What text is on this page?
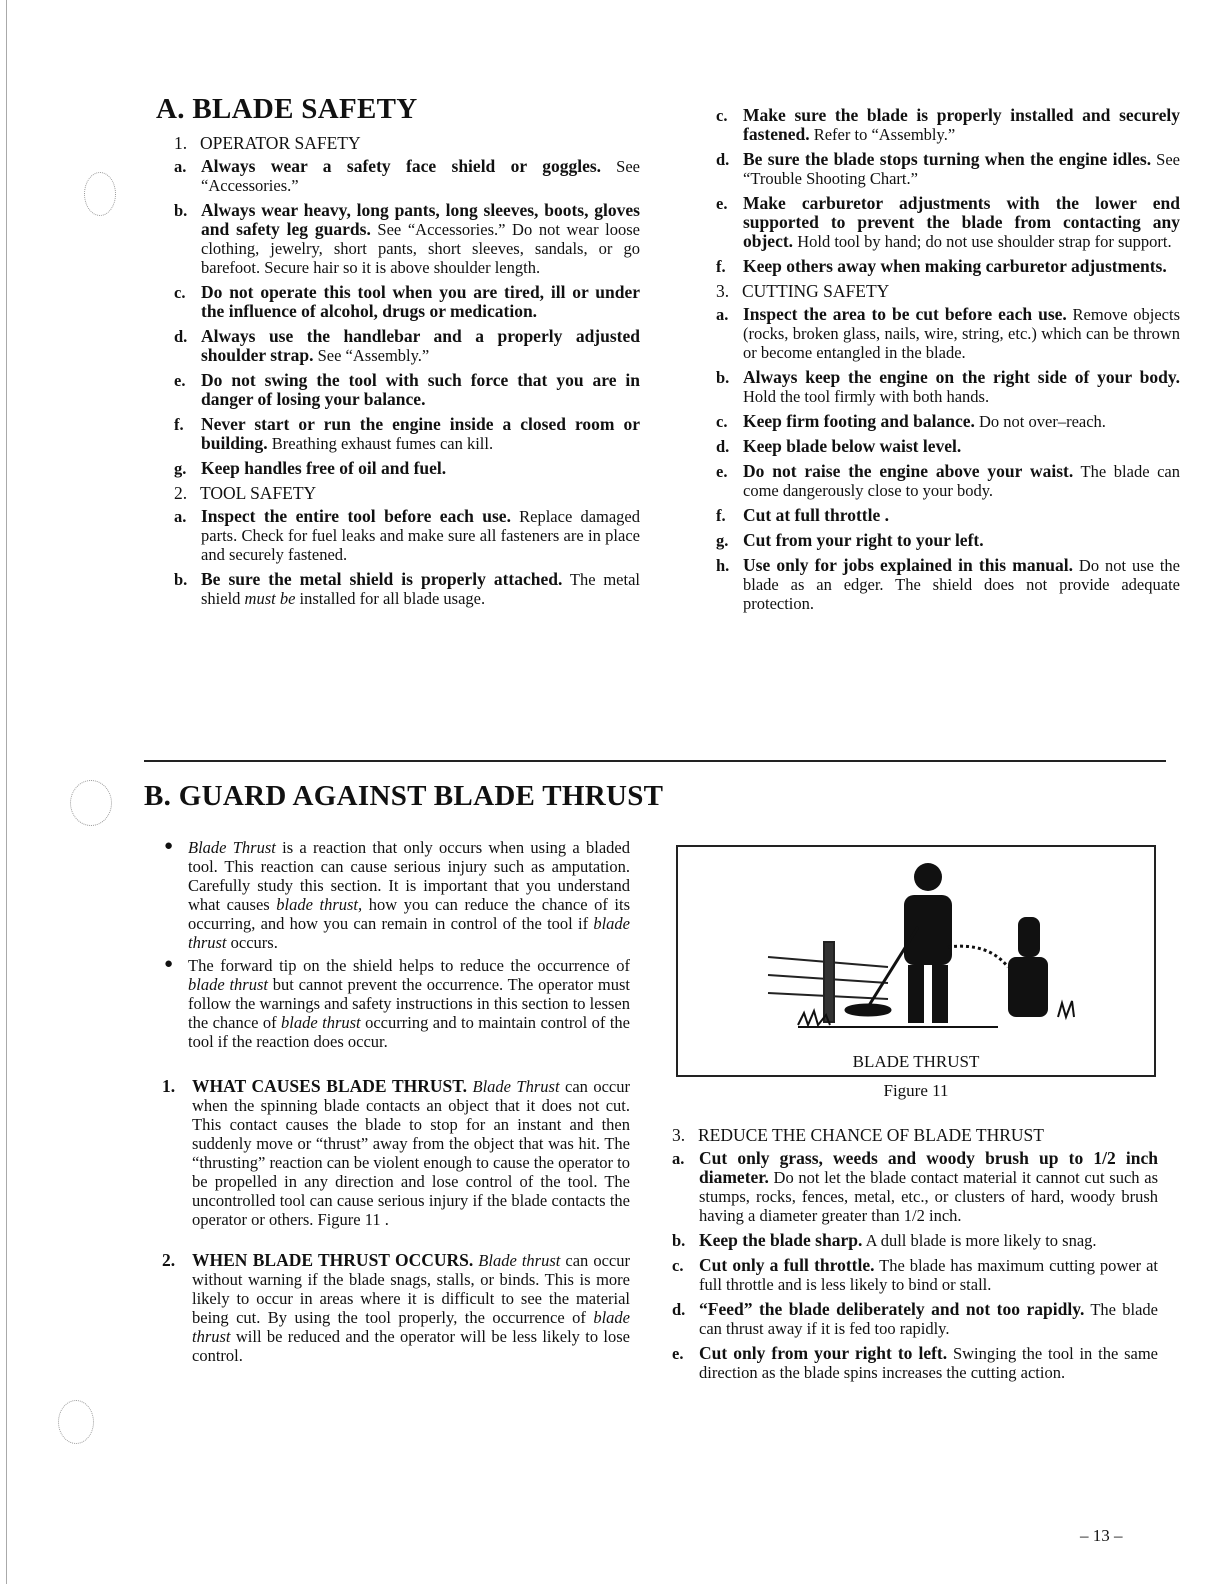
A. BLADE SAFETY
1. OPERATOR SAFETY
a. Always wear a safety face shield or goggles. See “Accessories.”
b. Always wear heavy, long pants, long sleeves, boots, gloves and safety leg guards. See “Accessories.” Do not wear loose clothing, jewelry, short pants, short sleeves, sandals, or go barefoot. Secure hair so it is above shoulder length.
c. Do not operate this tool when you are tired, ill or under the influence of alcohol, drugs or medication.
d. Always use the handlebar and a properly adjusted shoulder strap. See “Assembly.”
e. Do not swing the tool with such force that you are in danger of losing your balance.
f. Never start or run the engine inside a closed room or building. Breathing exhaust fumes can kill.
g. Keep handles free of oil and fuel.
2. TOOL SAFETY
a. Inspect the entire tool before each use. Replace damaged parts. Check for fuel leaks and make sure all fasteners are in place and securely fastened.
b. Be sure the metal shield is properly attached. The metal shield must be installed for all blade usage.
c. Make sure the blade is properly installed and securely fastened. Refer to “Assembly.”
d. Be sure the blade stops turning when the engine idles. See “Trouble Shooting Chart.”
e. Make carburetor adjustments with the lower end supported to prevent the blade from contacting any object. Hold tool by hand; do not use shoulder strap for support.
f. Keep others away when making carburetor adjustments.
3. CUTTING SAFETY
a. Inspect the area to be cut before each use. Remove objects (rocks, broken glass, nails, wire, string, etc.) which can be thrown or become entangled in the blade.
b. Always keep the engine on the right side of your body. Hold the tool firmly with both hands.
c. Keep firm footing and balance. Do not over–reach.
d. Keep blade below waist level.
e. Do not raise the engine above your waist. The blade can come dangerously close to your body.
f. Cut at full throttle .
g. Cut from your right to your left.
h. Use only for jobs explained in this manual. Do not use the blade as an edger. The shield does not provide adequate protection.
B. GUARD AGAINST BLADE THRUST
● Blade Thrust is a reaction that only occurs when using a bladed tool. This reaction can cause serious injury such as amputation. Carefully study this section. It is important that you understand what causes blade thrust, how you can reduce the chance of its occurring, and how you can remain in control of the tool if blade thrust occurs.
● The forward tip on the shield helps to reduce the occurrence of blade thrust but cannot prevent the occurrence. The operator must follow the warnings and safety instructions in this section to lessen the chance of blade thrust occurring and to maintain control of the tool if the reaction does occur.
1. WHAT CAUSES BLADE THRUST. Blade Thrust can occur when the spinning blade contacts an object that it does not cut. This contact causes the blade to stop for an instant and then suddenly move or “thrust” away from the object that was hit. The “thrusting” reaction can be violent enough to cause the operator to be propelled in any direction and lose control of the tool. The uncontrolled tool can cause serious injury if the blade contacts the operator or others. Figure 11 .
2. WHEN BLADE THRUST OCCURS. Blade thrust can occur without warning if the blade snags, stalls, or binds. This is more likely to occur in areas where it is difficult to see the material being cut. By using the tool properly, the occurrence of blade thrust will be reduced and the operator will be less likely to lose control.
BLADE THRUST
Figure 11
3. REDUCE THE CHANCE OF BLADE THRUST
a. Cut only grass, weeds and woody brush up to 1/2 inch diameter. Do not let the blade contact material it cannot cut such as stumps, rocks, fences, metal, etc., or clusters of hard, woody brush having a diameter greater than 1/2 inch.
b. Keep the blade sharp. A dull blade is more likely to snag.
c. Cut only a full throttle. The blade has maximum cutting power at full throttle and is less likely to bind or stall.
d. “Feed” the blade deliberately and not too rapidly. The blade can thrust away if it is fed too rapidly.
e. Cut only from your right to left. Swinging the tool in the same direction as the blade spins increases the cutting action.
– 13 –
